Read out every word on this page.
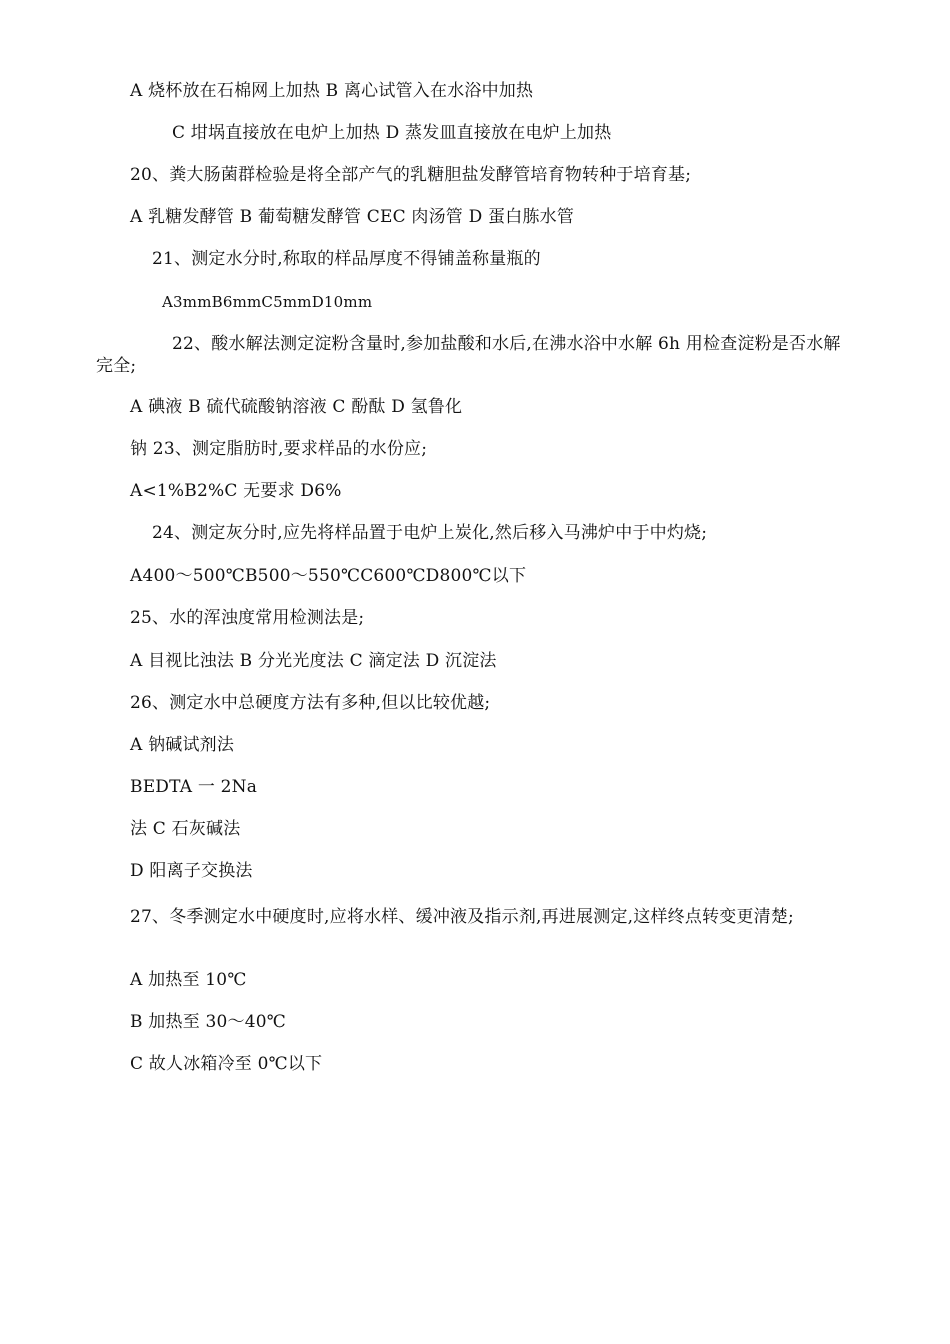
A 烧杯放在石棉网上加热 B 离心试管入在水浴中加热
C 坩埚直接放在电炉上加热 D 蒸发皿直接放在电炉上加热
20、粪大肠菌群检验是将全部产气的乳糖胆盐发酵管培育物转种于培育基;
A 乳糖发酵管 B 葡萄糖发酵管 CEC 肉汤管 D 蛋白胨水管
21、测定水分时,称取的样品厚度不得铺盖称量瓶的
A3mmB6mmC5mmD10mm
22、酸水解法测定淀粉含量时,参加盐酸和水后,在沸水浴中水解 6h 用检查淀粉是否水解完全;
A 碘液 B 硫代硫酸钠溶液 C 酚酞 D 氢鲁化
钠 23、测定脂肪时,要求样品的水份应;
A<1%B2%C 无要求 D6%
24、测定灰分时,应先将样品置于电炉上炭化,然后移入马沸炉中于中灼烧;
A400～500℃B500～550℃C600℃D800℃以下
25、水的浑浊度常用检测法是;
A 目视比浊法 B 分光光度法 C 滴定法 D 沉淀法
26、测定水中总硬度方法有多种,但以比较优越;
A 钠碱试剂法
BEDTA 一 2Na
法 C 石灰碱法
D 阳离子交换法
27、冬季测定水中硬度时,应将水样、缓冲液及指示剂,再进展测定,这样终点转变更清楚;
A 加热至 10℃
B 加热至 30～40℃
C 故人冰箱冷至 0℃以下
